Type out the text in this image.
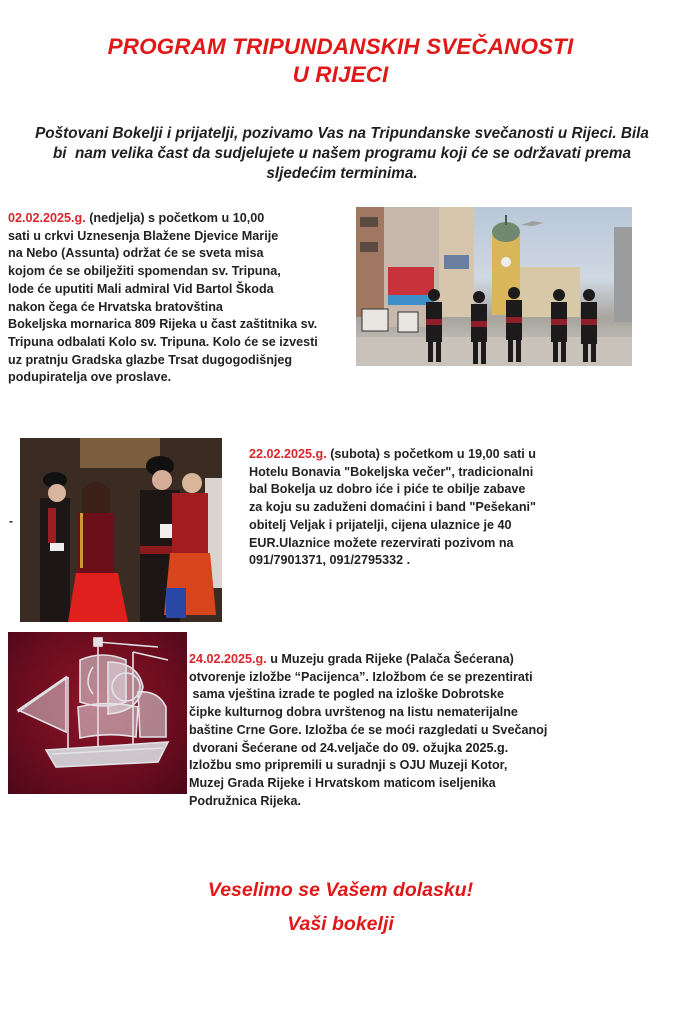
PROGRAM TRIPUNDANSKIH SVEČANOSTI
U RIJECI
Poštovani Bokelji i prijatelji, pozivamo Vas na Tripundanske svečanosti u Rijeci. Bila
bi  nam velika čast da sudjelujete u našem programu koji će se održavati prema
sljedećim terminima.
02.02.2025.g. (nedjelja) s početkom u 10,00
sati u crkvi Uznesenja Blažene Djevice Marije
na Nebo (Assunta) održat će se sveta misa
kojom će se obilježiti spomendan sv. Tripuna,
lode će uputiti Mali admiral Vid Bartol Škoda
nakon čega će Hrvatska bratovština
Bokeljska mornarica 809 Rijeka u čast zaštitnika sv.
Tripuna odbalati Kolo sv. Tripuna. Kolo će se izvesti
uz pratnju Gradska glazbe Trsat dugogodišnjeg
podupiratelja ove proslave.
-
22.02.2025.g. (subota) s početkom u 19,00 sati u
Hotelu Bonavia "Bokeljska večer", tradicionalni
bal Bokelja uz dobro iće i piće te obilje zabave
za koju su zaduženi domaćini i band "Pešekani"
obitelj Veljak i prijatelji, cijena ulaznice je 40
EUR.Ulaznice možete rezervirati pozivom na
091/7901371, 091/2795332 .
24.02.2025.g. u Muzeju grada Rijeke (Palača Šećerana)
otvorenje izložbe “Pacijenca”. Izložbom će se prezentirati
sama vještina izrade te pogled na izloške Dobrotske
čipke kulturnog dobra uvrštenog na listu nematerijalne
baštine Crne Gore. Izložba će se moći razgledati u Svečanoj
dvorani Šećerane od 24.veljače do 09. ožujka 2025.g.
Izložbu smo pripremili u suradnji s OJU Muzeji Kotor,
Muzej Grada Rijeke i Hrvatskom maticom iseljenika
Podružnica Rijeka.
Veselimo se Vašem dolasku!
Vaši bokelji
